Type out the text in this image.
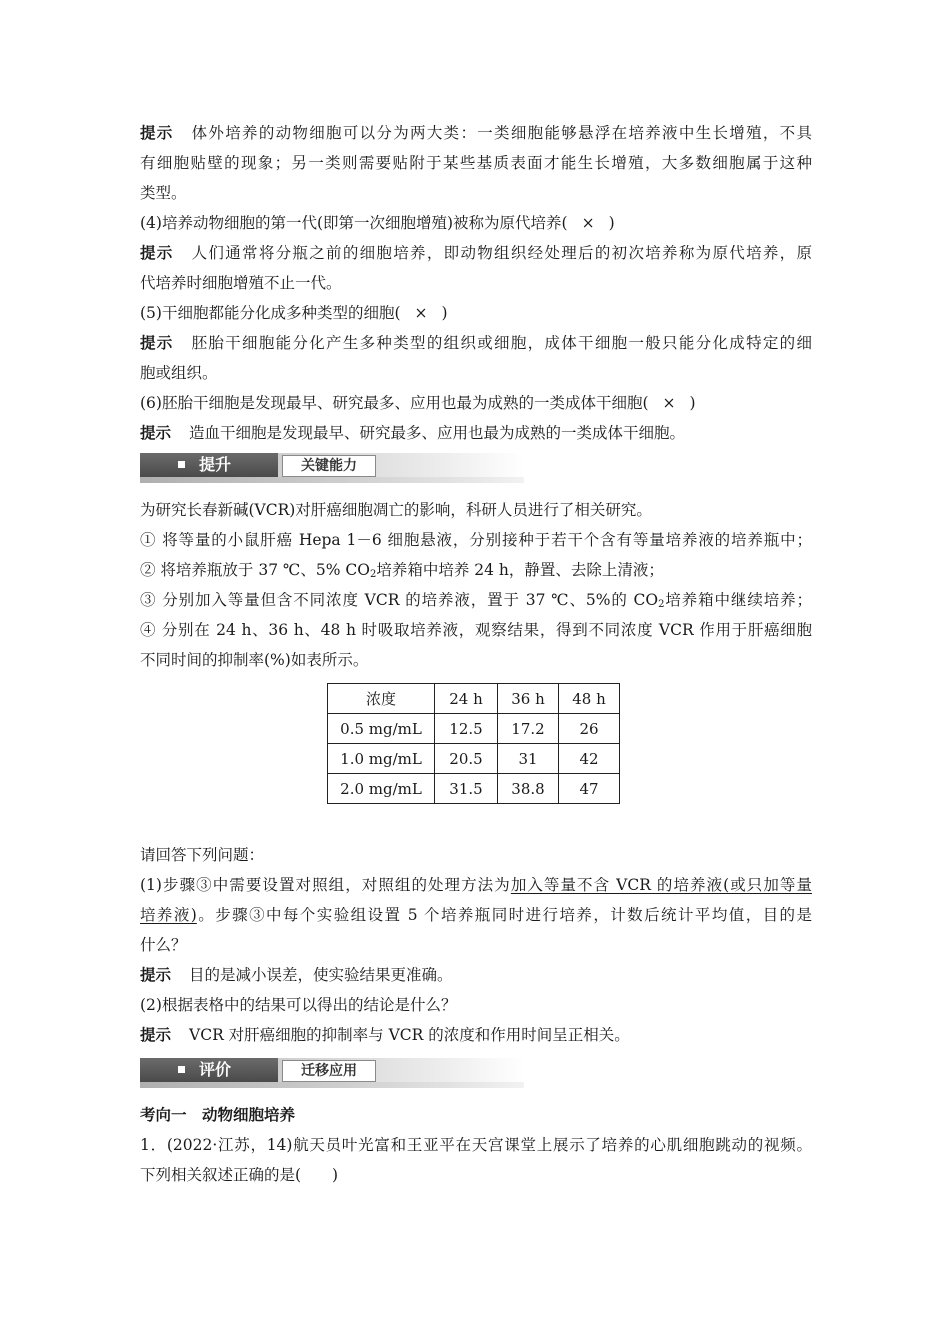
提示 体外培养的动物细胞可以分为两大类：一类细胞能够悬浮在培养液中生长增殖，不具
有细胞贴壁的现象；另一类则需要贴附于某些基质表面才能生长增殖，大多数细胞属于这种
类型。
(4)培养动物细胞的第一代(即第一次细胞增殖)被称为原代培养( × )
提示 人们通常将分瓶之前的细胞培养，即动物组织经处理后的初次培养称为原代培养，原
代培养时细胞增殖不止一代。
(5)干细胞都能分化成多种类型的细胞( × )
提示 胚胎干细胞能分化产生多种类型的组织或细胞，成体干细胞一般只能分化成特定的细
胞或组织。
(6)胚胎干细胞是发现最早、研究最多、应用也最为成熟的一类成体干细胞( × )
提示 造血干细胞是发现最早、研究最多、应用也最为成熟的一类成体干细胞。
提升	关键能力
为研究长春新碱(VCR)对肝癌细胞凋亡的影响，科研人员进行了相关研究。
① 将等量的小鼠肝癌 Hepa 1－6 细胞悬液，分别接种于若干个含有等量培养液的培养瓶中；
② 将培养瓶放于 37 ℃、5% $CO_2$培养箱中培养 24 h，静置、去除上清液；
③ 分别加入等量但含不同浓度 VCR 的培养液，置于 37 ℃、5%的 $CO_2$培养箱中继续培养；
④ 分别在 24 h、36 h、48 h 时吸取培养液，观察结果，得到不同浓度 VCR 作用于肝癌细胞
不同时间的抑制率(%)如表所示。
浓度	24 h	36 h	48 h
0.5 mg/mL	12.5	17.2	26
1.0 mg/mL	20.5	31	42
2.0 mg/mL	31.5	38.8	47
请回答下列问题：
(1)步骤③中需要设置对照组，对照组的处理方法为加入等量不含 VCR 的培养液(或只加等量
培养液)。步骤③中每个实验组设置 5 个培养瓶同时进行培养，计数后统计平均值，目的是
什么？
提示 目的是减小误差，使实验结果更准确。
(2)根据表格中的结果可以得出的结论是什么？
提示 VCR 对肝癌细胞的抑制率与 VCR 的浓度和作用时间呈正相关。
评价	迁移应用
考向一　动物细胞培养
1．(2022·江苏，14)航天员叶光富和王亚平在天宫课堂上展示了培养的心肌细胞跳动的视频。
下列相关叙述正确的是(　　)
